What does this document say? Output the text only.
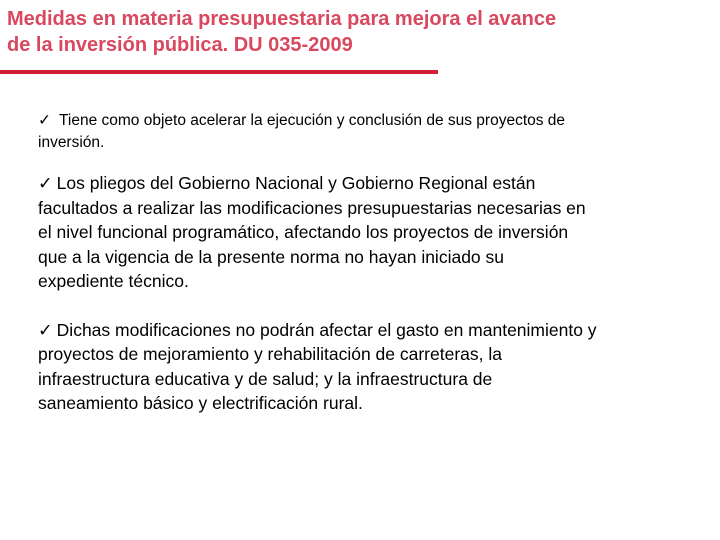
Medidas en materia presupuestaria para mejora el avance
de la inversión pública. DU 035-2009

✓ Tiene como objeto acelerar la ejecución y conclusión de sus proyectos de
inversión.

✓ Los pliegos del Gobierno Nacional y Gobierno Regional están
facultados a realizar las modificaciones presupuestarias necesarias en
el nivel funcional programático, afectando los proyectos de inversión
que a la vigencia de la presente norma no hayan iniciado su
expediente técnico.

✓ Dichas modificaciones no podrán afectar el gasto en mantenimiento y
proyectos de mejoramiento y rehabilitación de carreteras, la
infraestructura educativa y de salud; y la infraestructura de
saneamiento básico y electrificación rural.
